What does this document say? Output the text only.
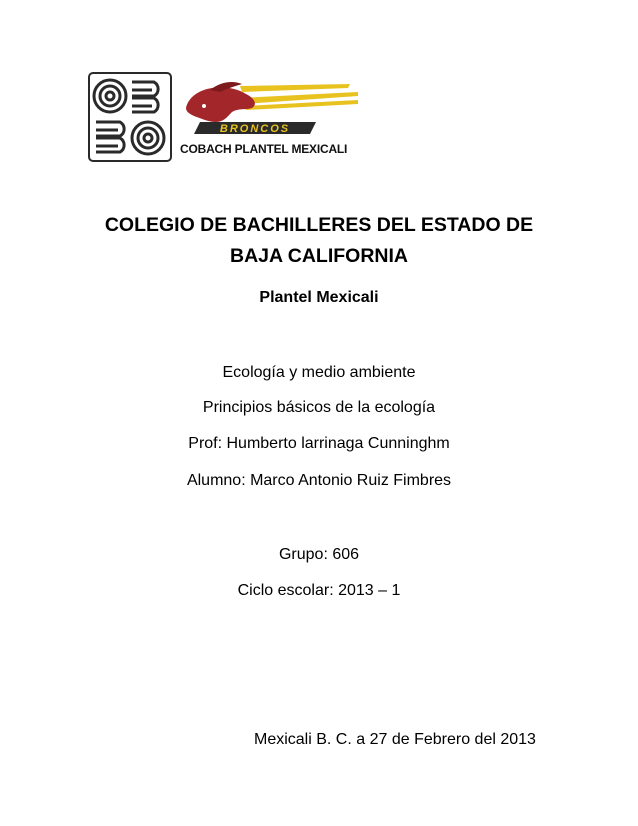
BRONCOS
COBACH PLANTEL MEXICALI
COLEGIO DE BACHILLERES DEL ESTADO DE BAJA CALIFORNIA
Plantel Mexicali
Ecología y medio ambiente
Principios básicos de la ecología
Prof: Humberto larrinaga Cunninghm
Alumno: Marco Antonio Ruiz Fimbres
Grupo: 606
Ciclo escolar: 2013 – 1
Mexicali B. C. a 27 de Febrero del 2013
